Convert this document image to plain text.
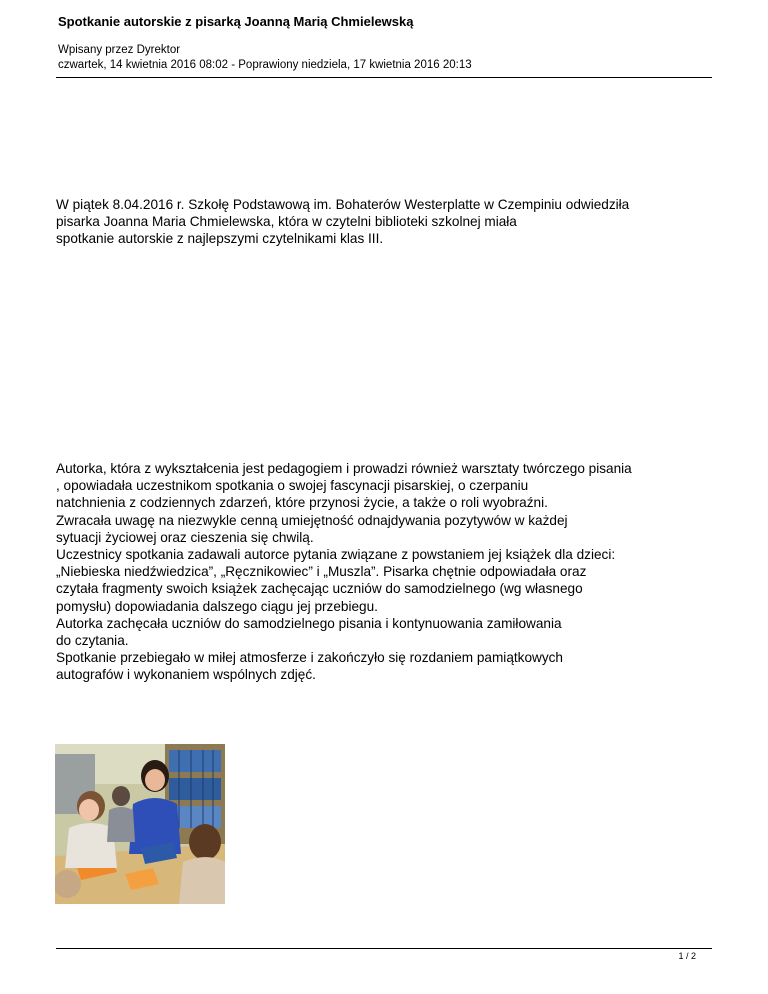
Spotkanie autorskie z pisarką Joanną Marią Chmielewską
Wpisany przez Dyrektor
czwartek, 14 kwietnia 2016 08:02 - Poprawiony niedziela, 17 kwietnia 2016 20:13
W piątek 8.04.2016 r. Szkołę Podstawową im. Bohaterów Westerplatte w Czempiniu odwiedziła
pisarka Joanna Maria Chmielewska, która w czytelni biblioteki szkolnej miała
spotkanie autorskie z najlepszymi czytelnikami klas III.
Autorka, która z wykształcenia jest pedagogiem i prowadzi również warsztaty twórczego pisania
, opowiadała uczestnikom spotkania o swojej fascynacji pisarskiej, o czerpaniu
natchnienia z codziennych zdarzeń, które przynosi życie, a także o roli wyobraźni.
Zwracała uwagę na niezwykle cenną umiejętność odnajdywania pozytywów w każdej
sytuacji życiowej oraz cieszenia się chwilą.
Uczestnicy spotkania zadawali autorce pytania związane z powstaniem jej książek dla dzieci:
„Niebieska niedźwiedzica”, „Ręcznikowiec” i „Muszla”. Pisarka chętnie odpowiadała oraz
czytała fragmenty swoich książek zachęcając uczniów do samodzielnego (wg własnego
pomysłu) dopowiadania dalszego ciągu jej przebiegu.
Autorka zachęcała uczniów do samodzielnego pisania i kontynuowania zamiłowania
do czytania.
Spotkanie przebiegało w miłej atmosferze i zakończyło się rozdaniem pamiątkowych
autografów i wykonaniem wspólnych zdjęć.
1 / 2
